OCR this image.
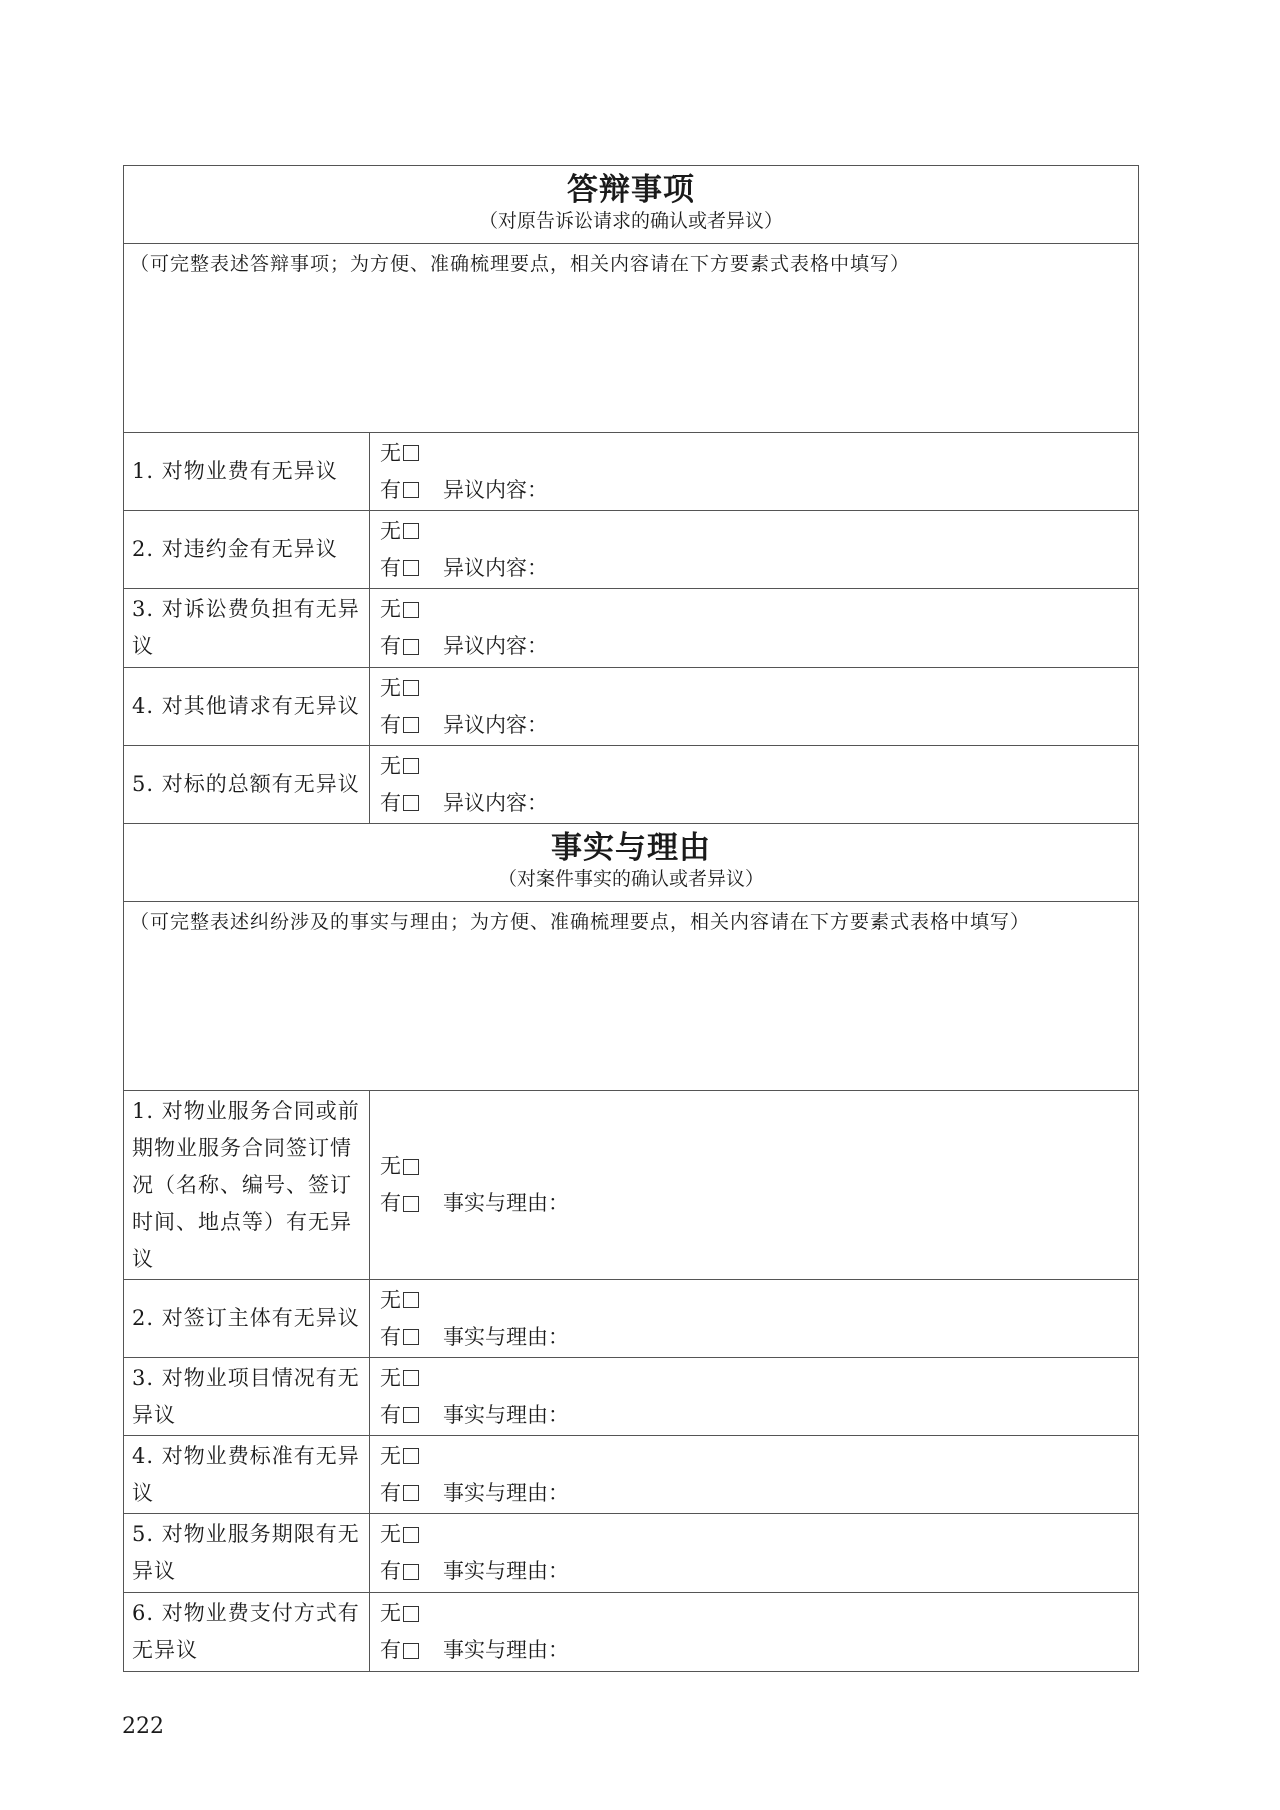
答辩事项
（对原告诉讼请求的确认或者异议）
（可完整表述答辩事项；为方便、准确梳理要点，相关内容请在下方要素式表格中填写）
1. 对物业费有无异议
无
有 异议内容：
2. 对违约金有无异议
无
有 异议内容：
3. 对诉讼费负担有无异议
无
有 异议内容：
4. 对其他请求有无异议
无
有 异议内容：
5. 对标的总额有无异议
无
有 异议内容：
事实与理由
（对案件事实的确认或者异议）
（可完整表述纠纷涉及的事实与理由；为方便、准确梳理要点，相关内容请在下方要素式表格中填写）
1. 对物业服务合同或前期物业服务合同签订情况（名称、编号、签订时间、地点等）有无异议
无
有 事实与理由：
2. 对签订主体有无异议
无
有 事实与理由：
3. 对物业项目情况有无异议
无
有 事实与理由：
4. 对物业费标准有无异议
无
有 事实与理由：
5. 对物业服务期限有无异议
无
有 事实与理由：
6. 对物业费支付方式有无异议
无
有 事实与理由：
222
